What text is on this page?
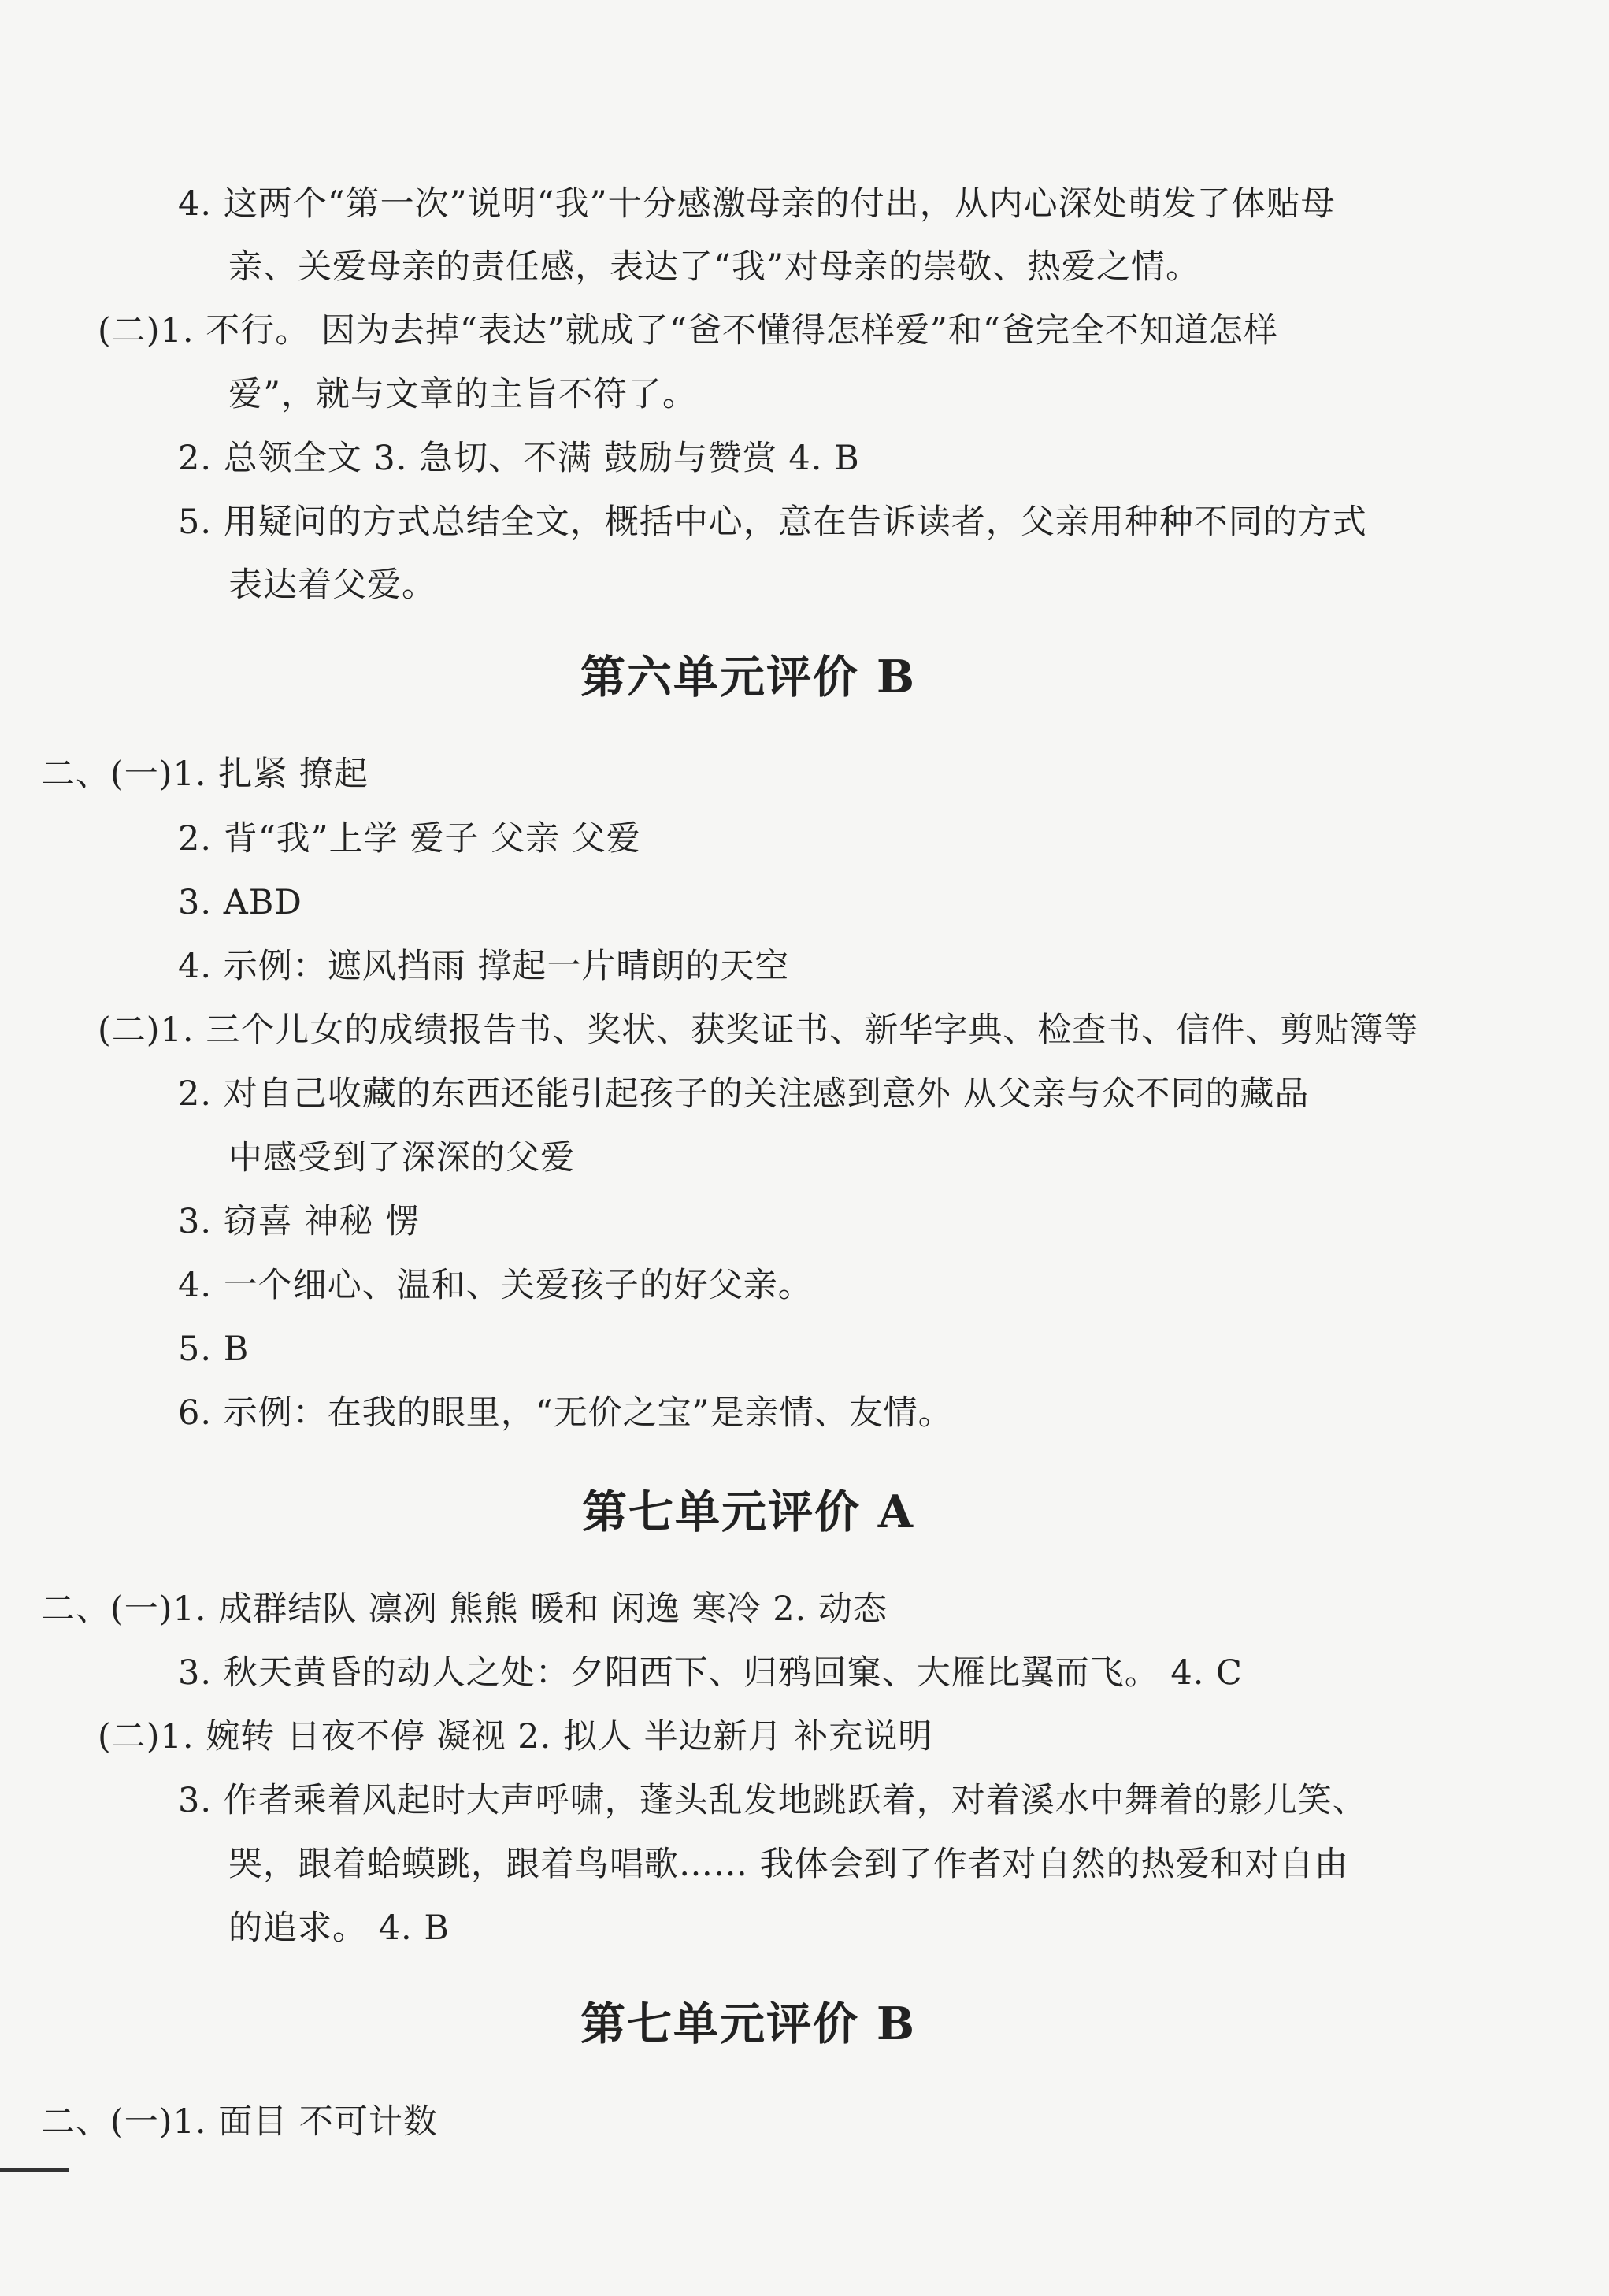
4. 这两个“第一次”说明“我”十分感激母亲的付出，从内心深处萌发了体贴母
亲、关爱母亲的责任感，表达了“我”对母亲的崇敬、热爱之情。
(二)1. 不行。 因为去掉“表达”就成了“爸不懂得怎样爱”和“爸完全不知道怎样
爱”，就与文章的主旨不符了。
2. 总领全文 3. 急切、不满 鼓励与赞赏 4. B
5. 用疑问的方式总结全文，概括中心，意在告诉读者，父亲用种种不同的方式
表达着父爱。
第六单元评价 B
二、(一)1. 扎紧 撩起
2. 背“我”上学 爱子 父亲 父爱
3. ABD
4. 示例：遮风挡雨 撑起一片晴朗的天空
(二)1. 三个儿女的成绩报告书、奖状、获奖证书、新华字典、检查书、信件、剪贴簿等
2. 对自己收藏的东西还能引起孩子的关注感到意外 从父亲与众不同的藏品
中感受到了深深的父爱
3. 窃喜 神秘 愣
4. 一个细心、温和、关爱孩子的好父亲。
5. B
6. 示例：在我的眼里，“无价之宝”是亲情、友情。
第七单元评价 A
二、(一)1. 成群结队 凛冽 熊熊 暖和 闲逸 寒冷 2. 动态
3. 秋天黄昏的动人之处：夕阳西下、归鸦回窠、大雁比翼而飞。 4. C
(二)1. 婉转 日夜不停 凝视 2. 拟人 半边新月 补充说明
3. 作者乘着风起时大声呼啸，蓬头乱发地跳跃着，对着溪水中舞着的影儿笑、
哭，跟着蛤蟆跳，跟着鸟唱歌…… 我体会到了作者对自然的热爱和对自由
的追求。 4. B
第七单元评价 B
二、(一)1. 面目 不可计数
